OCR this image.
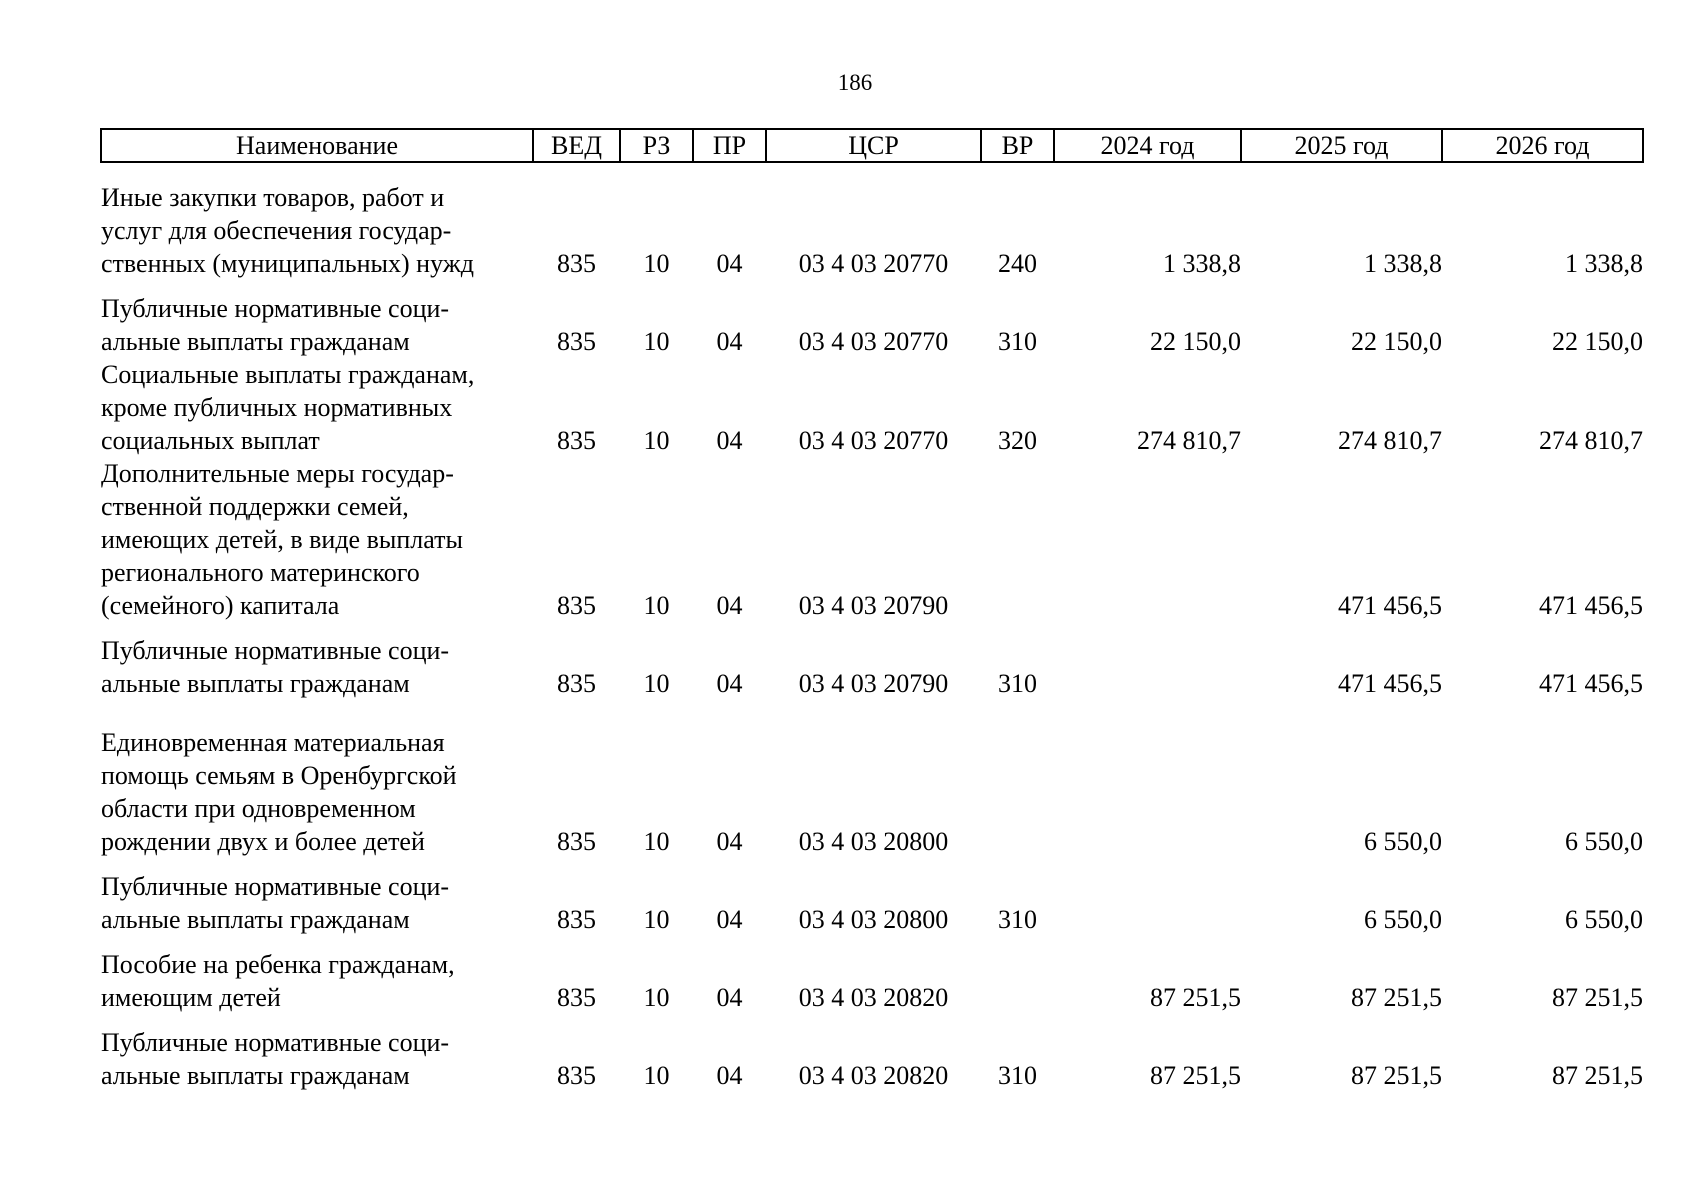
186
Наименование	ВЕД	РЗ	ПР	ЦСР	ВР	2024 год	2025 год	2026 год

Иные закупки товаров, работ и
услуг для обеспечения государ-
ственных (муниципальных) нужд	835	10	04	03 4 03 20770	240	1 338,8	1 338,8	1 338,8

Публичные нормативные соци-
альные выплаты гражданам	835	10	04	03 4 03 20770	310	22 150,0	22 150,0	22 150,0

Социальные выплаты гражданам,
кроме публичных нормативных
социальных выплат	835	10	04	03 4 03 20770	320	274 810,7	274 810,7	274 810,7

Дополнительные меры государ-
ственной поддержки семей,
имеющих детей, в виде выплаты
регионального материнского
(семейного) капитала	835	10	04	03 4 03 20790			471 456,5	471 456,5

Публичные нормативные соци-
альные выплаты гражданам	835	10	04	03 4 03 20790	310		471 456,5	471 456,5

Единовременная материальная
помощь семьям в Оренбургской
области при одновременном
рождении двух и более детей	835	10	04	03 4 03 20800			6 550,0	6 550,0

Публичные нормативные соци-
альные выплаты гражданам	835	10	04	03 4 03 20800	310		6 550,0	6 550,0

Пособие на ребенка гражданам,
имеющим детей	835	10	04	03 4 03 20820		87 251,5	87 251,5	87 251,5

Публичные нормативные соци-
альные выплаты гражданам	835	10	04	03 4 03 20820	310	87 251,5	87 251,5	87 251,5
